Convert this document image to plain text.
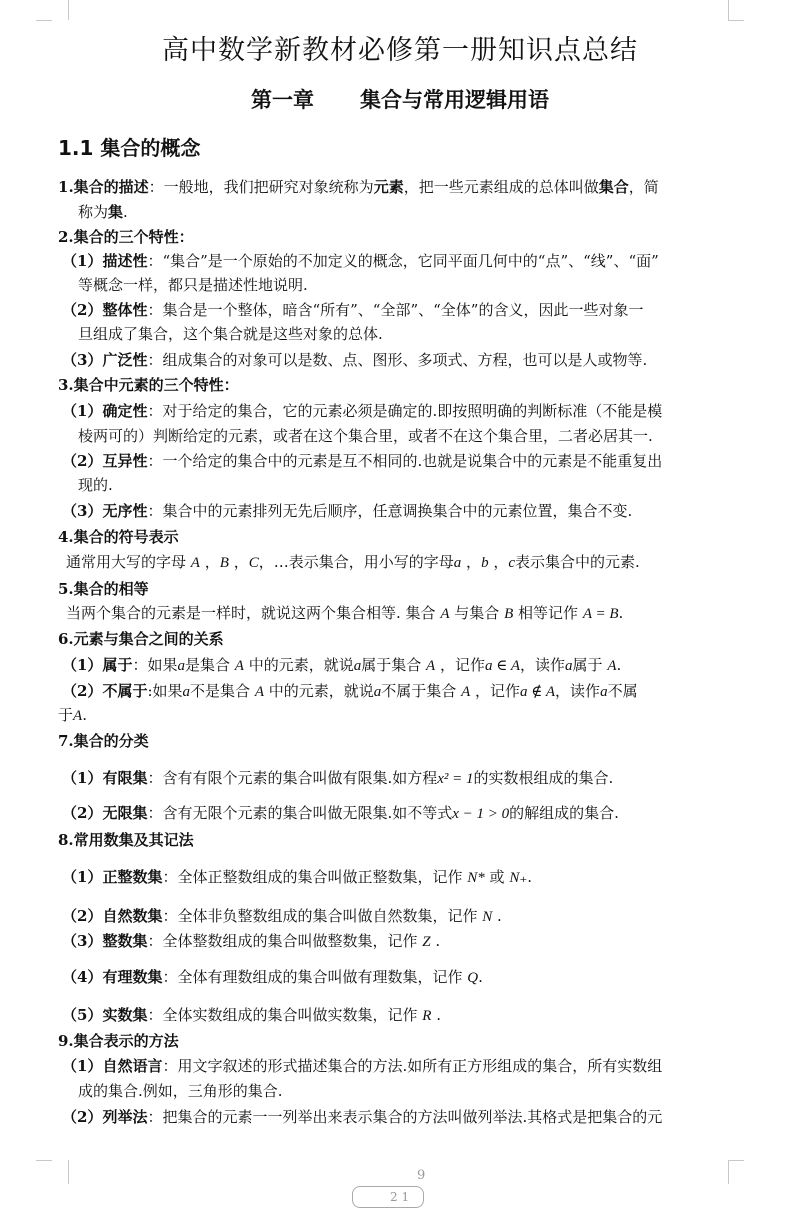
高中数学新教材必修第一册知识点总结
第一章 集合与常用逻辑用语
1.1 集合的概念
1.集合的描述：一般地，我们把研究对象统称为元素，把一些元素组成的总体叫做集合，简
称为集.
2.集合的三个特性：
（1）描述性：“集合”是一个原始的不加定义的概念，它同平面几何中的“点”、“线”、“面”
等概念一样，都只是描述性地说明.
（2）整体性：集合是一个整体，暗含“所有”、“全部”、“全体”的含义，因此一些对象一
旦组成了集合，这个集合就是这些对象的总体.
（3）广泛性：组成集合的对象可以是数、点、图形、多项式、方程，也可以是人或物等.
3.集合中元素的三个特性：
（1）确定性：对于给定的集合，它的元素必须是确定的.即按照明确的判断标准（不能是模
棱两可的）判断给定的元素，或者在这个集合里，或者不在这个集合里，二者必居其一.
（2）互异性：一个给定的集合中的元素是互不相同的.也就是说集合中的元素是不能重复出
现的.
（3）无序性：集合中的元素排列无先后顺序，任意调换集合中的元素位置，集合不变.
4.集合的符号表示
通常用大写的字母 A ，B ，C，…表示集合，用小写的字母a ，b ，c表示集合中的元素.
5.集合的相等
当两个集合的元素是一样时，就说这两个集合相等. 集合 A 与集合 B 相等记作 A = B.
6.元素与集合之间的关系
（1）属于：如果a是集合 A 中的元素，就说a属于集合 A ，记作a ∈ A，读作a属于 A.
（2）不属于:如果a不是集合 A 中的元素，就说a不属于集合 A ，记作a ∉ A，读作a不属
于A.
7.集合的分类
（1）有限集：含有有限个元素的集合叫做有限集.如方程x² = 1的实数根组成的集合.
（2）无限集：含有无限个元素的集合叫做无限集.如不等式x − 1 > 0的解组成的集合.
8.常用数集及其记法
（1）正整数集：全体正整数组成的集合叫做正整数集，记作 N* 或 N₊.
（2）自然数集：全体非负整数组成的集合叫做自然数集，记作 N .
（3）整数集：全体整数组成的集合叫做整数集，记作 Z .
（4）有理数集：全体有理数组成的集合叫做有理数集，记作 Q.
（5）实数集：全体实数组成的集合叫做实数集，记作 R .
9.集合表示的方法
（1）自然语言：用文字叙述的形式描述集合的方法.如所有正方形组成的集合，所有实数组
成的集合.例如，三角形的集合.
（2）列举法：把集合的元素一一列举出来表示集合的方法叫做列举法.其格式是把集合的元
9
2 1
